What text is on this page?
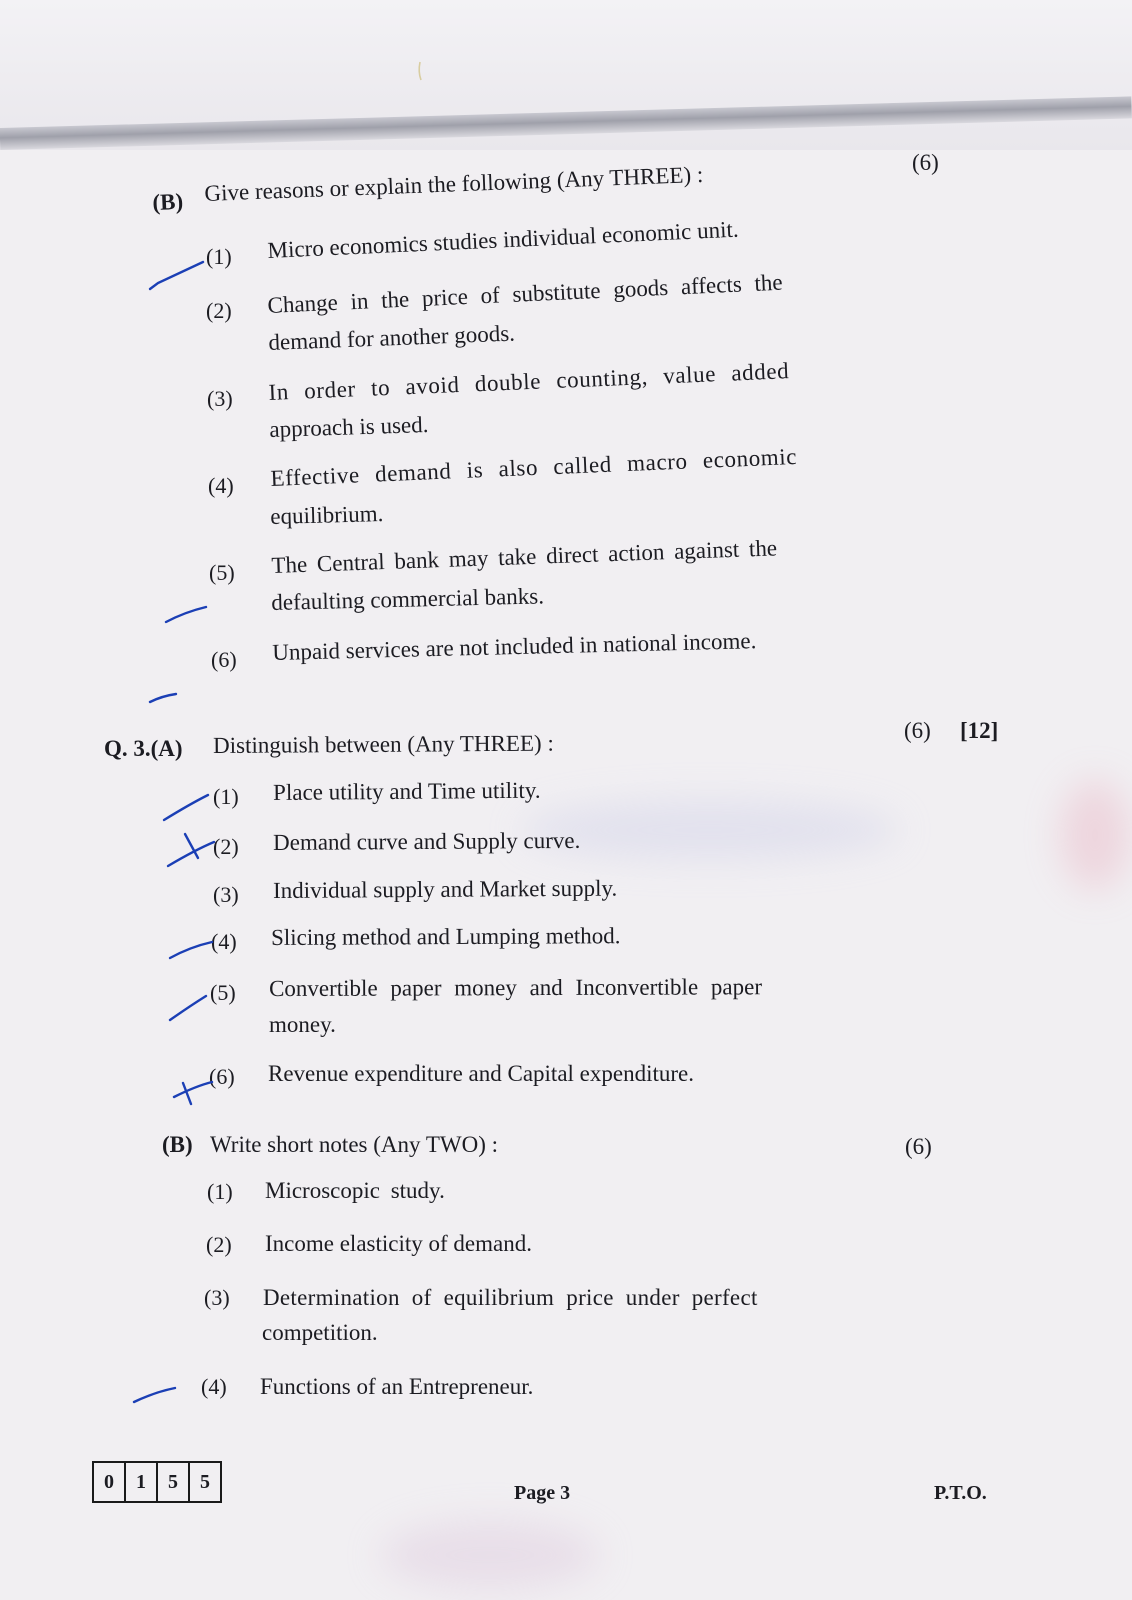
(B) Give reasons or explain the following (Any THREE) :	(6)
(1) Micro economics studies individual economic unit.
(2) Change in the price of substitute goods affects the
demand for another goods.
(3) In order to avoid double counting, value added
approach is used.
(4) Effective demand is also called macro economic
equilibrium.
(5) The Central bank may take direct action against the
defaulting commercial banks.
(6) Unpaid services are not included in national income.
Q. 3.(A) Distinguish between (Any THREE) :
(6) [12]
(1) Place utility and Time utility.
(2) Demand curve and Supply curve.
(3) Individual supply and Market supply.
(4) Slicing method and Lumping method.
(5) Convertible paper money and Inconvertible paper
money.
(6) Revenue expenditure and Capital expenditure.
(B) Write short notes (Any TWO) :	(6)
(1) Microscopic study.
(2) Income elasticity of demand.
(3) Determination of equilibrium price under perfect
competition.
(4) Functions of an Entrepreneur.
0	1	5	5	Page 3	P.T.O.
